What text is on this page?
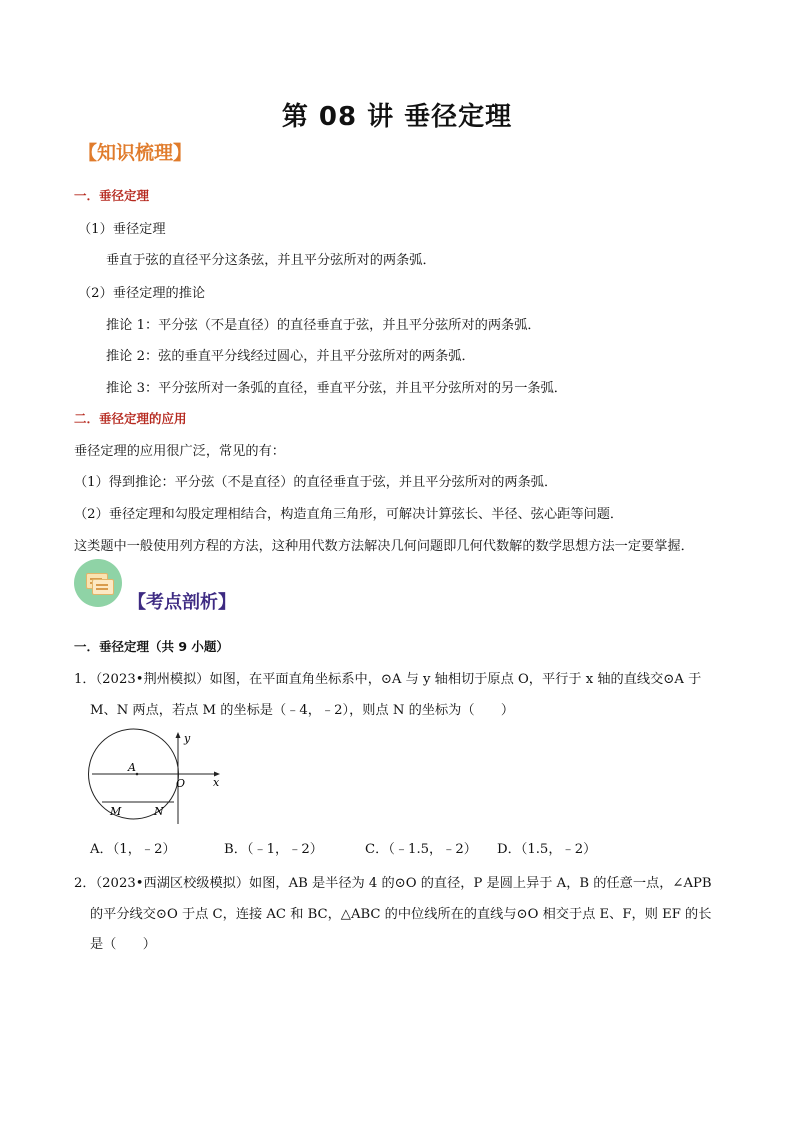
第 08 讲 垂径定理
【知识梳理】
一．垂径定理
（1）垂径定理
垂直于弦的直径平分这条弦，并且平分弦所对的两条弧．
（2）垂径定理的推论
推论 1：平分弦（不是直径）的直径垂直于弦，并且平分弦所对的两条弧．
推论 2：弦的垂直平分线经过圆心，并且平分弦所对的两条弧．
推论 3：平分弦所对一条弧的直径，垂直平分弦，并且平分弦所对的另一条弧．
二．垂径定理的应用
垂径定理的应用很广泛，常见的有：
（1）得到推论：平分弦（不是直径）的直径垂直于弦，并且平分弦所对的两条弧．
（2）垂径定理和勾股定理相结合，构造直角三角形，可解决计算弦长、半径、弦心距等问题．
这类题中一般使用列方程的方法，这种用代数方法解决几何问题即几何代数解的数学思想方法一定要掌握．
【考点剖析】
一．垂径定理（共 9 小题）
1．（2023•荆州模拟）如图，在平面直角坐标系中，⊙A 与 y 轴相切于原点 O，平行于 x 轴的直线交⊙A 于
M、N 两点，若点 M 的坐标是（﹣4，﹣2），则点 N 的坐标为（　　）
y
x
A
O
M	N
A．（1，﹣2）	B．（﹣1，﹣2）	C．（﹣1.5，﹣2） D．（1.5，﹣2）
2．（2023•西湖区校级模拟）如图，AB 是半径为 4 的⊙O 的直径，P 是圆上异于 A，B 的任意一点，∠APB
的平分线交⊙O 于点 C，连接 AC 和 BC，△ABC 的中位线所在的直线与⊙O 相交于点 E、F，则 EF 的长
是（　　）
